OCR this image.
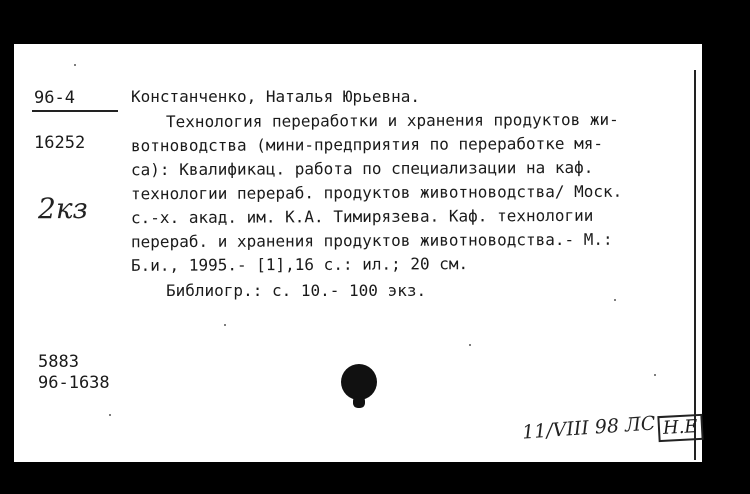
96-4
16252
2кз
Констанченко, Наталья Юрьевна.
Технология переработки и хранения продуктов жи-
вотноводства (мини-предприятия по переработке мя-
са): Квалификац. работа по специализации на каф.
технологии перераб. продуктов животноводства/ Моск.
с.-х. акад. им. К.А. Тимирязева. Каф. технологии
перераб. и хранения продуктов животноводства.- М.:
Б.и., 1995.- [1],16 с.: ил.; 20 см.
Библиогр.: с. 10.- 100 экз.
5883
96-1638
11/VIII 98 ЛС Н.Е
